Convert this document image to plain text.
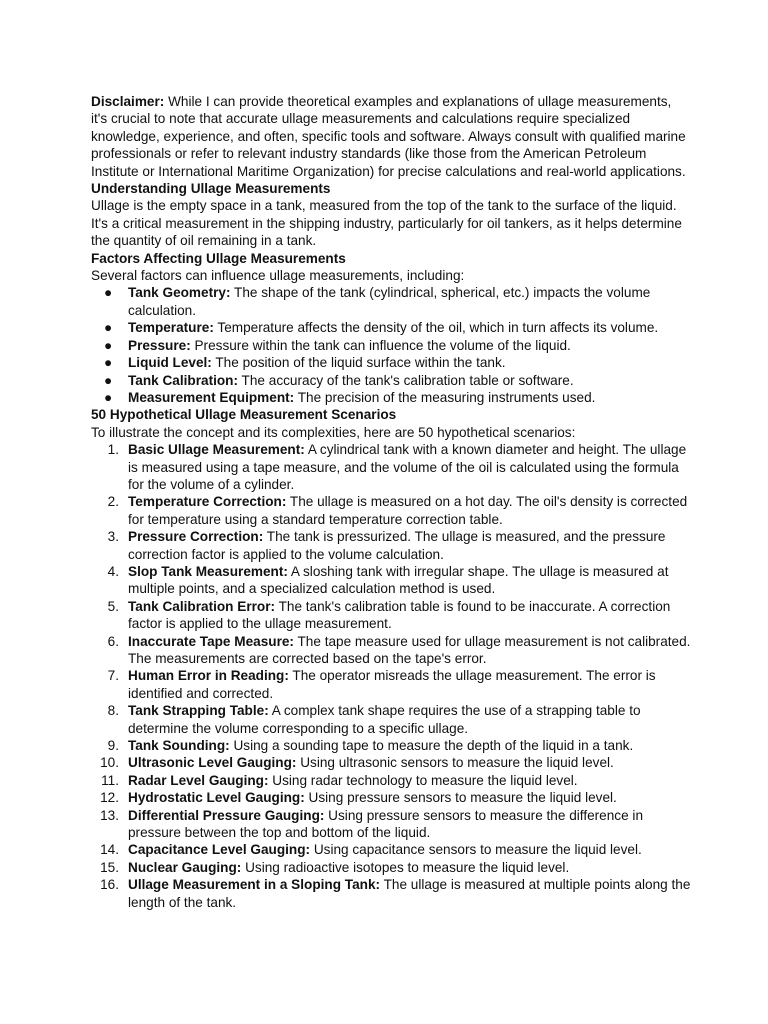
Disclaimer: While I can provide theoretical examples and explanations of ullage measurements, it's crucial to note that accurate ullage measurements and calculations require specialized knowledge, experience, and often, specific tools and software. Always consult with qualified marine professionals or refer to relevant industry standards (like those from the American Petroleum Institute or International Maritime Organization) for precise calculations and real-world applications.

Understanding Ullage Measurements

Ullage is the empty space in a tank, measured from the top of the tank to the surface of the liquid. It's a critical measurement in the shipping industry, particularly for oil tankers, as it helps determine the quantity of oil remaining in a tank.

Factors Affecting Ullage Measurements

Several factors can influence ullage measurements, including:

● Tank Geometry: The shape of the tank (cylindrical, spherical, etc.) impacts the volume calculation.
● Temperature: Temperature affects the density of the oil, which in turn affects its volume.
● Pressure: Pressure within the tank can influence the volume of the liquid.
● Liquid Level: The position of the liquid surface within the tank.
● Tank Calibration: The accuracy of the tank's calibration table or software.
● Measurement Equipment: The precision of the measuring instruments used.

50 Hypothetical Ullage Measurement Scenarios

To illustrate the concept and its complexities, here are 50 hypothetical scenarios:

1. Basic Ullage Measurement: A cylindrical tank with a known diameter and height. The ullage is measured using a tape measure, and the volume of the oil is calculated using the formula for the volume of a cylinder.
2. Temperature Correction: The ullage is measured on a hot day. The oil's density is corrected for temperature using a standard temperature correction table.
3. Pressure Correction: The tank is pressurized. The ullage is measured, and the pressure correction factor is applied to the volume calculation.
4. Slop Tank Measurement: A sloshing tank with irregular shape. The ullage is measured at multiple points, and a specialized calculation method is used.
5. Tank Calibration Error: The tank's calibration table is found to be inaccurate. A correction factor is applied to the ullage measurement.
6. Inaccurate Tape Measure: The tape measure used for ullage measurement is not calibrated. The measurements are corrected based on the tape's error.
7. Human Error in Reading: The operator misreads the ullage measurement. The error is identified and corrected.
8. Tank Strapping Table: A complex tank shape requires the use of a strapping table to determine the volume corresponding to a specific ullage.
9. Tank Sounding: Using a sounding tape to measure the depth of the liquid in a tank.
10. Ultrasonic Level Gauging: Using ultrasonic sensors to measure the liquid level.
11. Radar Level Gauging: Using radar technology to measure the liquid level.
12. Hydrostatic Level Gauging: Using pressure sensors to measure the liquid level.
13. Differential Pressure Gauging: Using pressure sensors to measure the difference in pressure between the top and bottom of the liquid.
14. Capacitance Level Gauging: Using capacitance sensors to measure the liquid level.
15. Nuclear Gauging: Using radioactive isotopes to measure the liquid level.
16. Ullage Measurement in a Sloping Tank: The ullage is measured at multiple points along the length of the tank.
